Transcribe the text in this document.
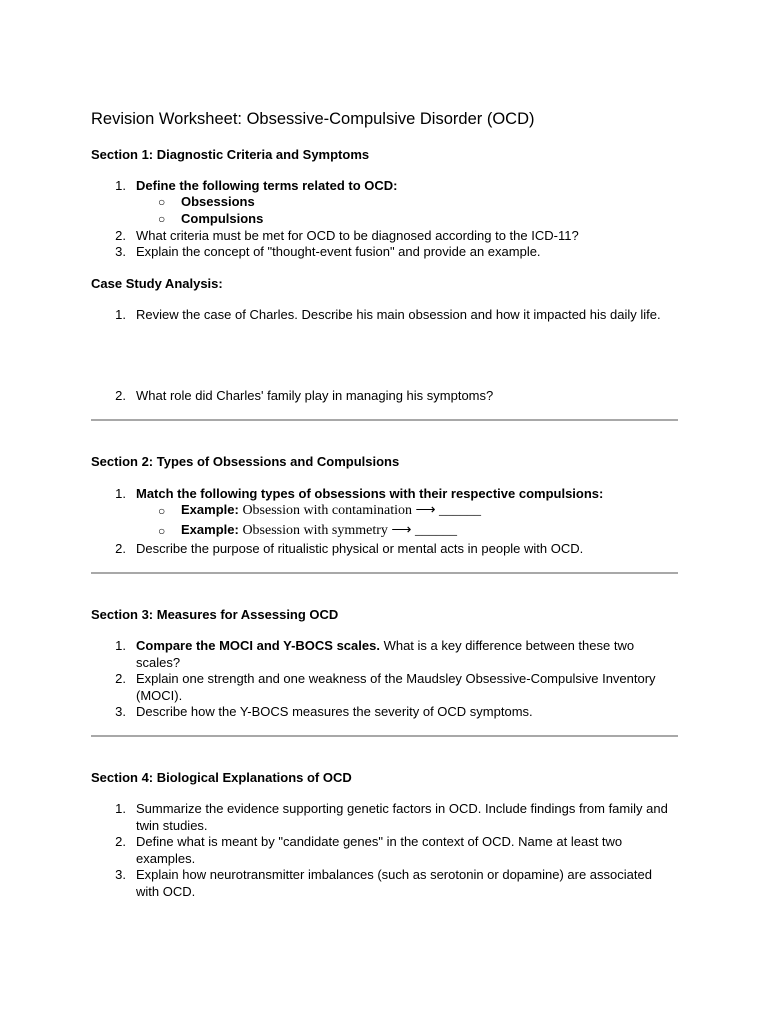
Revision Worksheet: Obsessive-Compulsive Disorder (OCD)
Section 1: Diagnostic Criteria and Symptoms
1. Define the following terms related to OCD:
○ Obsessions
○ Compulsions
2. What criteria must be met for OCD to be diagnosed according to the ICD-11?
3. Explain the concept of "thought-event fusion" and provide an example.
Case Study Analysis:
1. Review the case of Charles. Describe his main obsession and how it impacted his daily life.
2. What role did Charles' family play in managing his symptoms?
Section 2: Types of Obsessions and Compulsions
1. Match the following types of obsessions with their respective compulsions:
○ Example: Obsession with contamination ⟶ ______
○ Example: Obsession with symmetry ⟶ ______
2. Describe the purpose of ritualistic physical or mental acts in people with OCD.
Section 3: Measures for Assessing OCD
1. Compare the MOCI and Y-BOCS scales. What is a key difference between these two scales?
2. Explain one strength and one weakness of the Maudsley Obsessive-Compulsive Inventory (MOCI).
3. Describe how the Y-BOCS measures the severity of OCD symptoms.
Section 4: Biological Explanations of OCD
1. Summarize the evidence supporting genetic factors in OCD. Include findings from family and twin studies.
2. Define what is meant by "candidate genes" in the context of OCD. Name at least two examples.
3. Explain how neurotransmitter imbalances (such as serotonin or dopamine) are associated with OCD.
